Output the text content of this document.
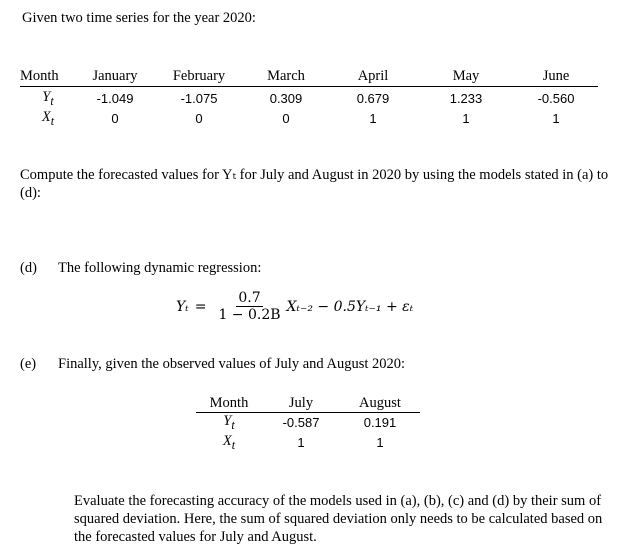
Given two time series for the year 2020:
Month	January	February	March	April	May	June
$Y_t$	-1.049	-1.075	0.309	0.679	1.233	-0.560
$X_t$	0	0	0	1	1	1
Compute the forecasted values for Yₜ for July and August in 2020 by using the models stated in (a) to (d):
(d) The following dynamic regression:
$Y_t = \frac{0.7}{1 - 0.2B} X_{t-2} - 0.5Y_{t-1} + \varepsilon_t$
(e) Finally, given the observed values of July and August 2020:
Month	July	August
$Y_t$	-0.587	0.191
$X_t$	1	1
Evaluate the forecasting accuracy of the models used in (a), (b), (c) and (d) by their sum of squared deviation. Here, the sum of squared deviation only needs to be calculated based on the forecasted values for July and August.
